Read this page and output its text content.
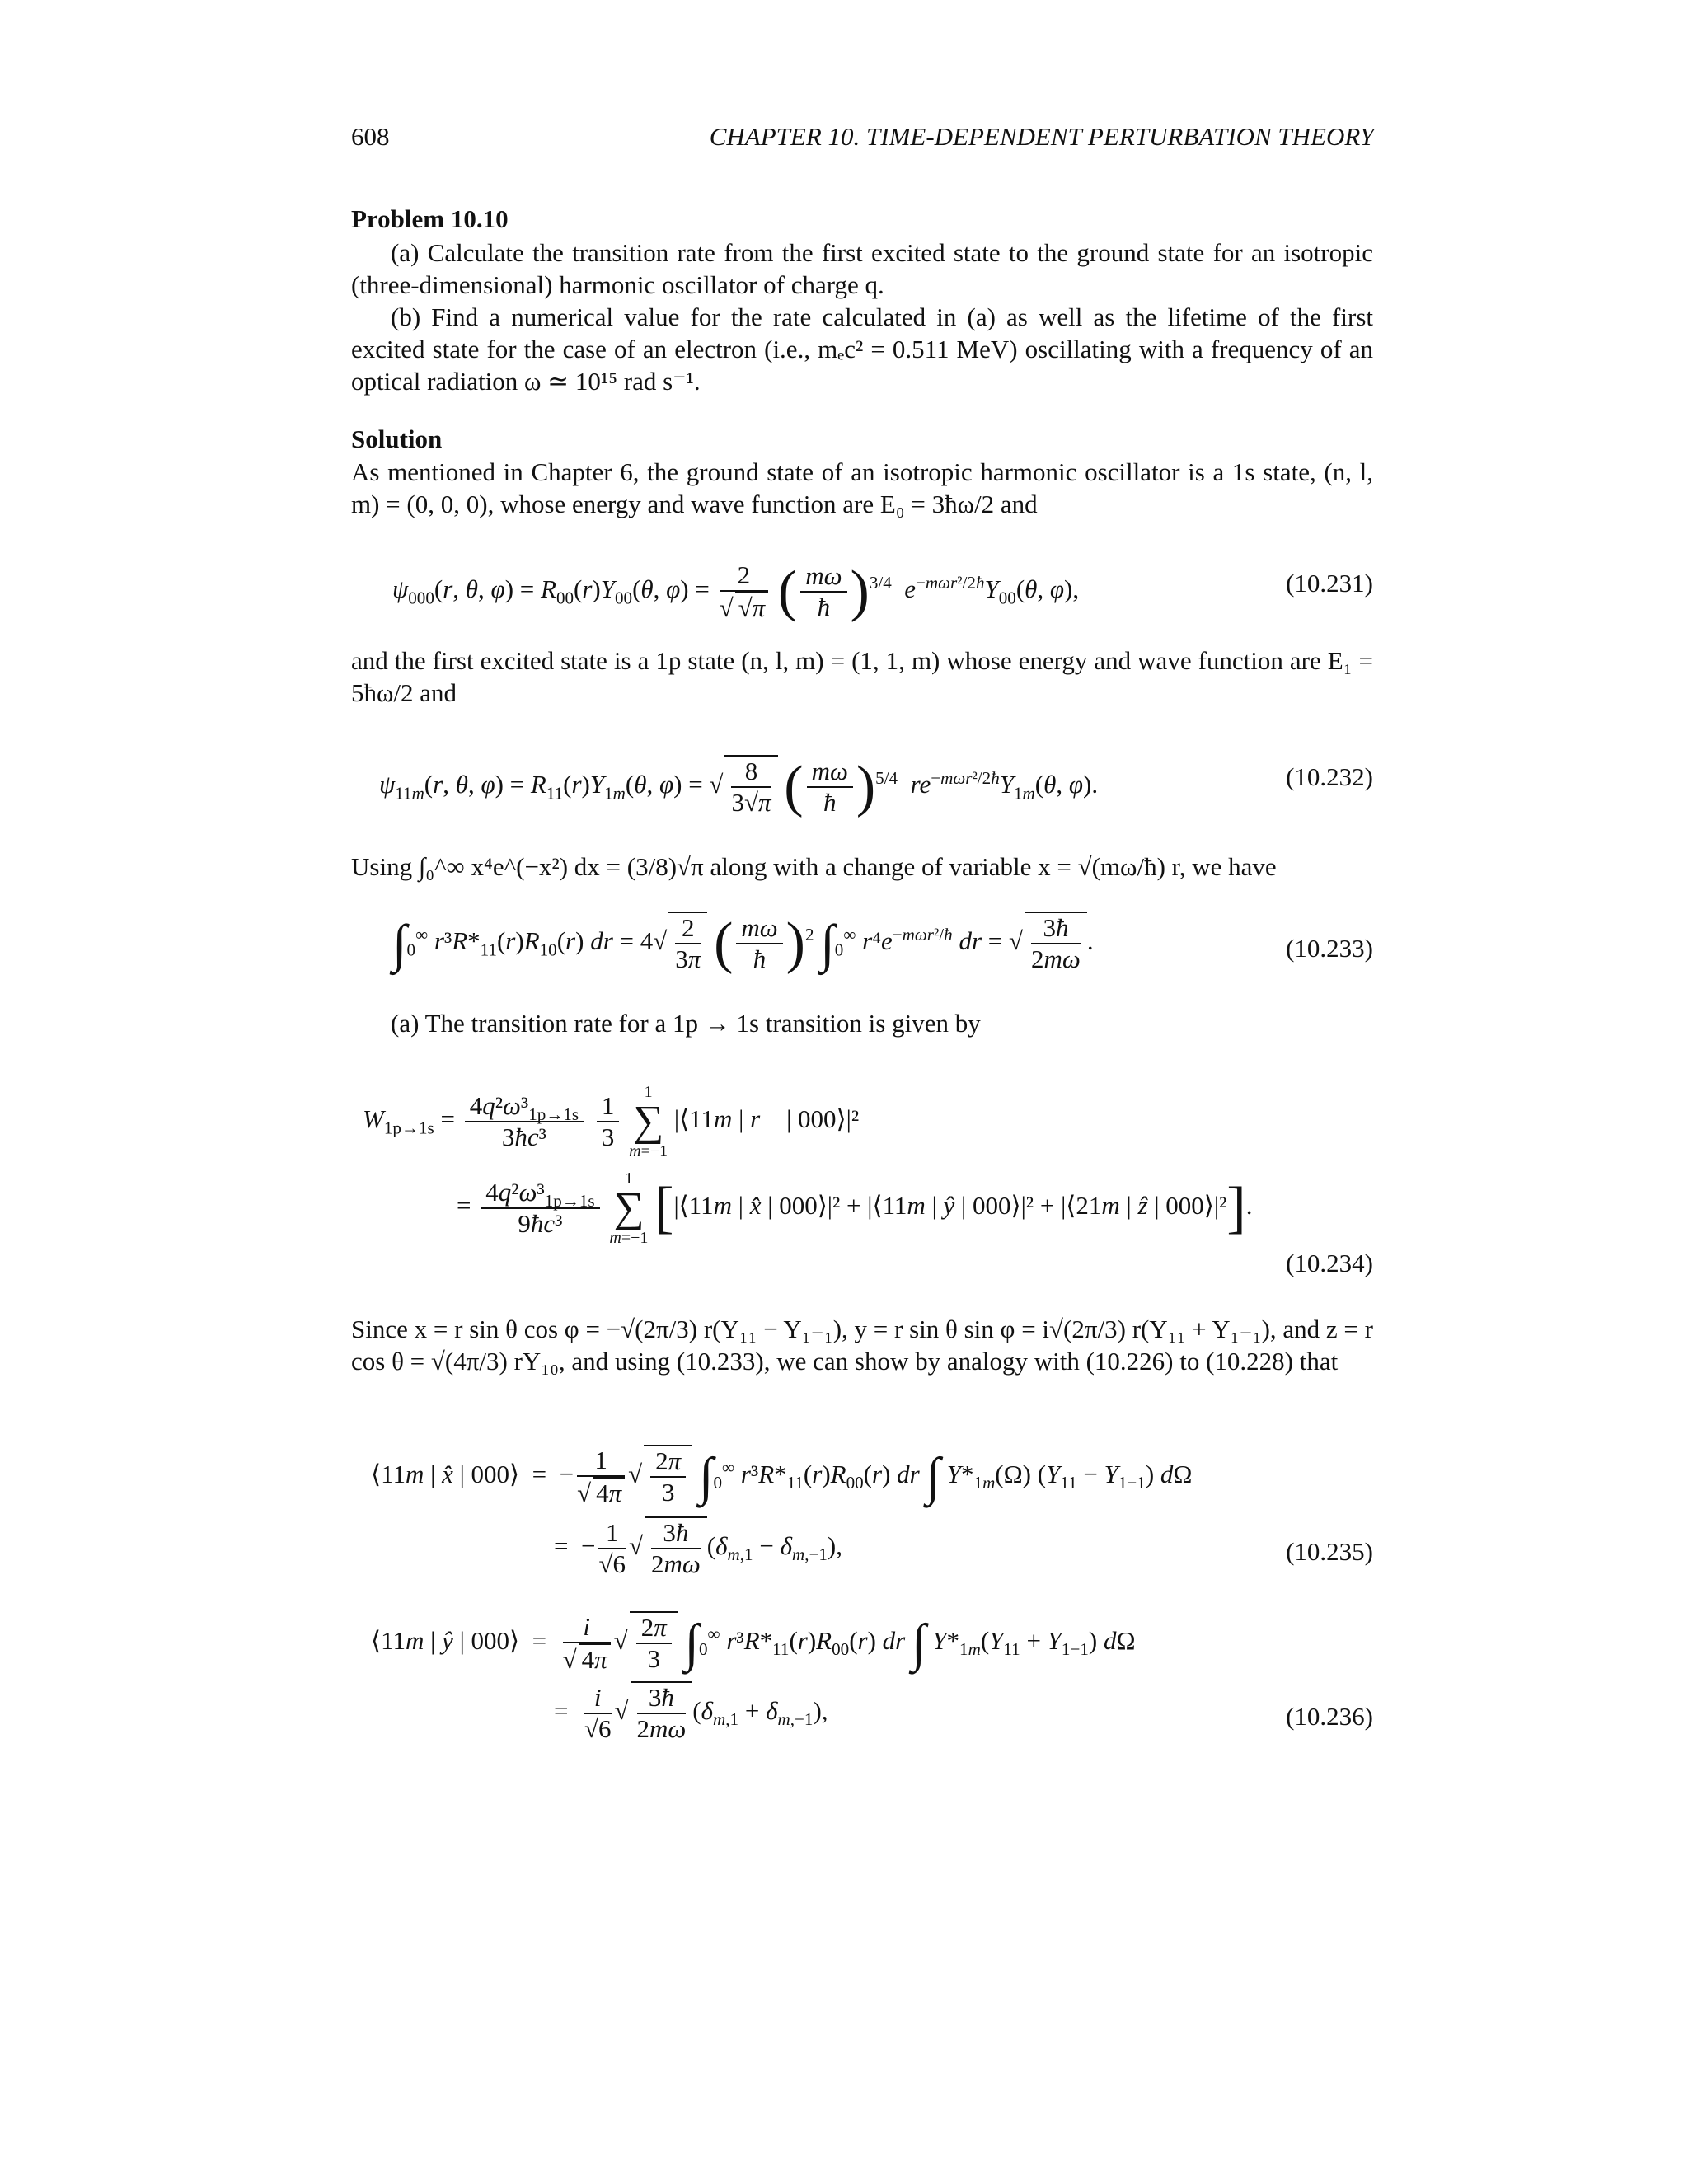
608	CHAPTER 10. TIME-DEPENDENT PERTURBATION THEORY
Problem 10.10

(a) Calculate the transition rate from the first excited state to the ground state for an isotropic (three-dimensional) harmonic oscillator of charge q.

(b) Find a numerical value for the rate calculated in (a) as well as the lifetime of the first excited state for the case of an electron (i.e., mₑc² = 0.511 MeV) oscillating with a frequency of an optical radiation ω ≃ 10¹⁵ rad s⁻¹.

Solution
As mentioned in Chapter 6, the ground state of an isotropic harmonic oscillator is a 1s state, (n, l, m) = (0, 0, 0), whose energy and wave function are E₀ = 3ħω/2 and
$\psi_{000}(r$, θ, $\varphi) = R_{00}(r)Y_{00}(\theta$, $\varphi) = \frac{2}{√ √\pi}$ ( $\frac{m\omega}{ħ} )^{3/4}$ $e^{-m\omega r^2/2ħ}Y_{00}(\theta$, φ),	(10.231)
and the first excited state is a 1p state (n, l, m) = (1, 1, m) whose energy and wave function are E₁ = 5ħω/2 and
$\psi_{11m}(r$, θ, $\varphi) = R_{11}(r)Y_{1m}(\theta$, φ) = √ $\frac{8}{3√\pi}$ ( $\frac{m\omega}{ħ} )^{5/4}$ $re^{-m\omega r^2/2ħ}Y_{1m}(\theta$, φ).	(10.232)
Using ∫₀^∞ x⁴e^(−x²) dx = (3/8)√π along with a change of variable x = √(mω/ħ) r, we have
$\int_0^\infty$ $r^3R*_{11}(r)R_{10}(r)$ dr = $4√ \frac{2}{3\pi}$ ( $\frac{m\omega}{ħ} )^2$ $\int_0^\infty$ $r^4e^{-m\omega r^2/ħ}$ dr = √ $\frac{3ħ}{2m\omega}$ .	(10.233)
(a) The transition rate for a 1p → 1s transition is given by
$W_{1p\to 1s} = \frac{4q^2\omega^3_{1p\to 1s}}{\text{3ħc³}}$
$\frac{1}{3}$
	1
∑
m=−1
|⟨11m | r⃗ | 000⟩|²
= $\frac{4q^2\omega^3_{1p\to 1s}}{\text{9ħc³}}$
	1
∑
m=−1 [|⟨11m | x̂ | 000⟩|² + |⟨11m | ŷ | 000⟩|² + |⟨21m | ẑ | 000⟩|²].
(10.234)
Since x = r sin θ cos φ = −√(2π/3) r(Y₁₁ − Y₁₋₁), y = r sin θ sin φ = i√(2π/3) r(Y₁₁ + Y₁₋₁), and z = r cos θ = √(4π/3) rY₁₀, and using (10.233), we can show by analogy with (10.226) to (10.228) that
⟨11m | x̂ | 000⟩  =  − $\frac{1}{√ 4\pi}$ √ $\frac{2\pi}{3} \int_0^\infty$ $r^3R*_{11}(r)R_{00}(r)$ dr ∫ $Y*_{1m}(\Omega) (Y_{11} - Y_{1-1})$ dΩ
=  − $\frac{1}{√6}$ √ $\frac{3ħ}{2m\omega} (\delta_{m,1} - \delta_{m,-1})$,	(10.235)
⟨11m | ŷ | 000⟩  = $\frac{i}{√ 4\pi}$ √ $\frac{2\pi}{3} \int_0^\infty$ $r^3R*_{11}(r)R_{00}(r)$ dr ∫ $Y*_{1m}(Y_{11} + Y_{1-1})$ dΩ
= $\frac{i}{√6}$ √ $\frac{3ħ}{2m\omega} (\delta_{m,1} + \delta_{m,-1})$,	(10.236)
